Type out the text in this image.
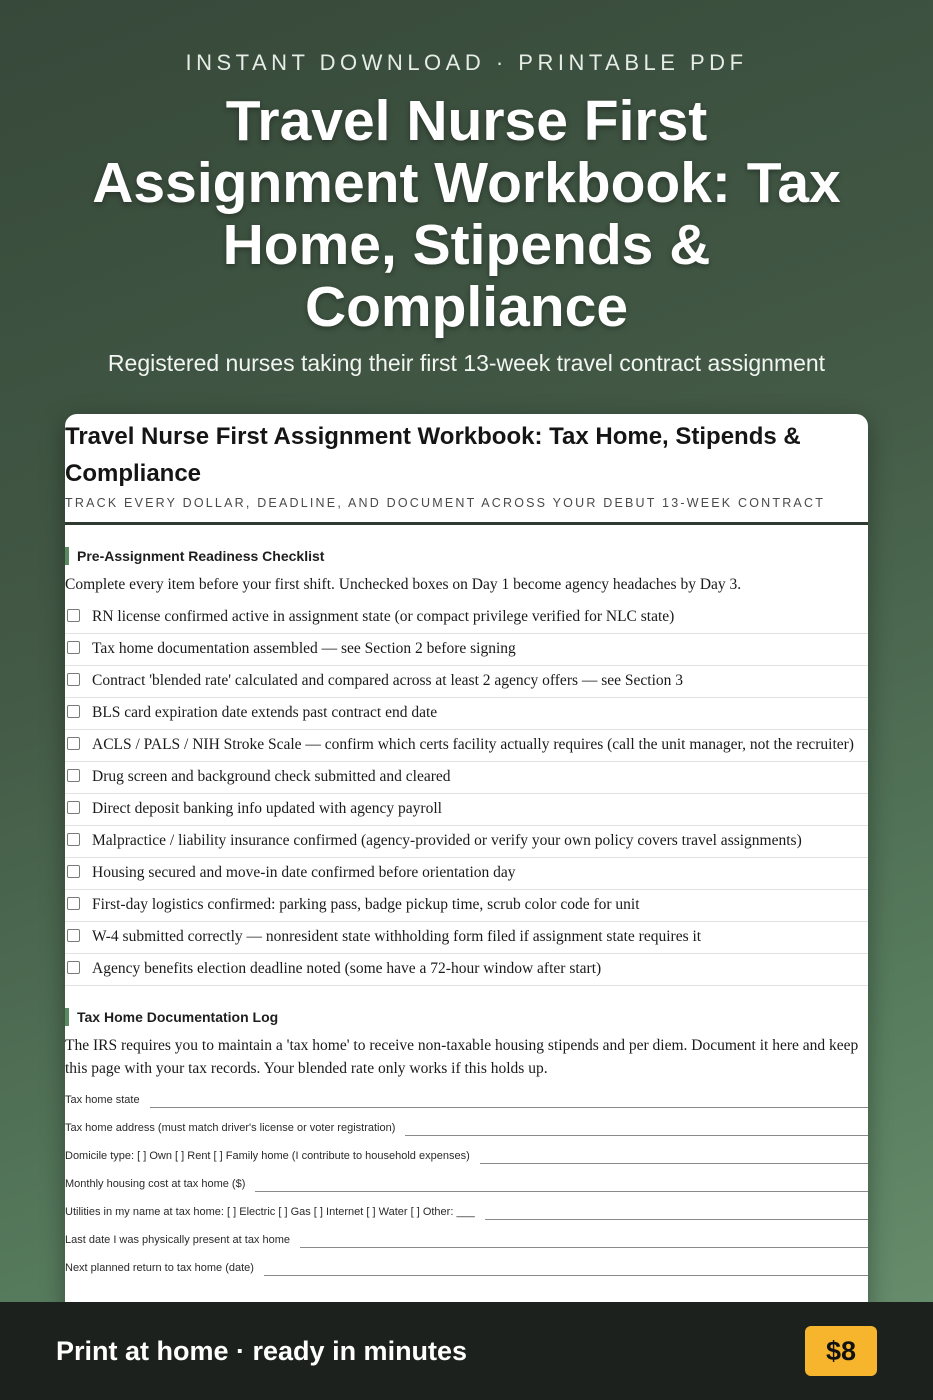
INSTANT DOWNLOAD · PRINTABLE PDF
Travel Nurse First Assignment Workbook: Tax Home, Stipends & Compliance
Registered nurses taking their first 13-week travel contract assignment
Travel Nurse First Assignment Workbook: Tax Home, Stipends & Compliance
TRACK EVERY DOLLAR, DEADLINE, AND DOCUMENT ACROSS YOUR DEBUT 13-WEEK CONTRACT
Pre-Assignment Readiness Checklist
Complete every item before your first shift. Unchecked boxes on Day 1 become agency headaches by Day 3.
RN license confirmed active in assignment state (or compact privilege verified for NLC state)
Tax home documentation assembled — see Section 2 before signing
Contract 'blended rate' calculated and compared across at least 2 agency offers — see Section 3
BLS card expiration date extends past contract end date
ACLS / PALS / NIH Stroke Scale — confirm which certs facility actually requires (call the unit manager, not the recruiter)
Drug screen and background check submitted and cleared
Direct deposit banking info updated with agency payroll
Malpractice / liability insurance confirmed (agency-provided or verify your own policy covers travel assignments)
Housing secured and move-in date confirmed before orientation day
First-day logistics confirmed: parking pass, badge pickup time, scrub color code for unit
W-4 submitted correctly — nonresident state withholding form filed if assignment state requires it
Agency benefits election deadline noted (some have a 72-hour window after start)
Tax Home Documentation Log
The IRS requires you to maintain a 'tax home' to receive non-taxable housing stipends and per diem. Document it here and keep this page with your tax records. Your blended rate only works if this holds up.
Tax home state
Tax home address (must match driver's license or voter registration)
Domicile type: [ ] Own [ ] Rent [ ] Family home (I contribute to household expenses)
Monthly housing cost at tax home ($)
Utilities in my name at tax home: [ ] Electric [ ] Gas [ ] Internet [ ] Water [ ] Other: ___
Last date I was physically present at tax home
Next planned return to tax home (date)
Print at home · ready in minutes	$8
